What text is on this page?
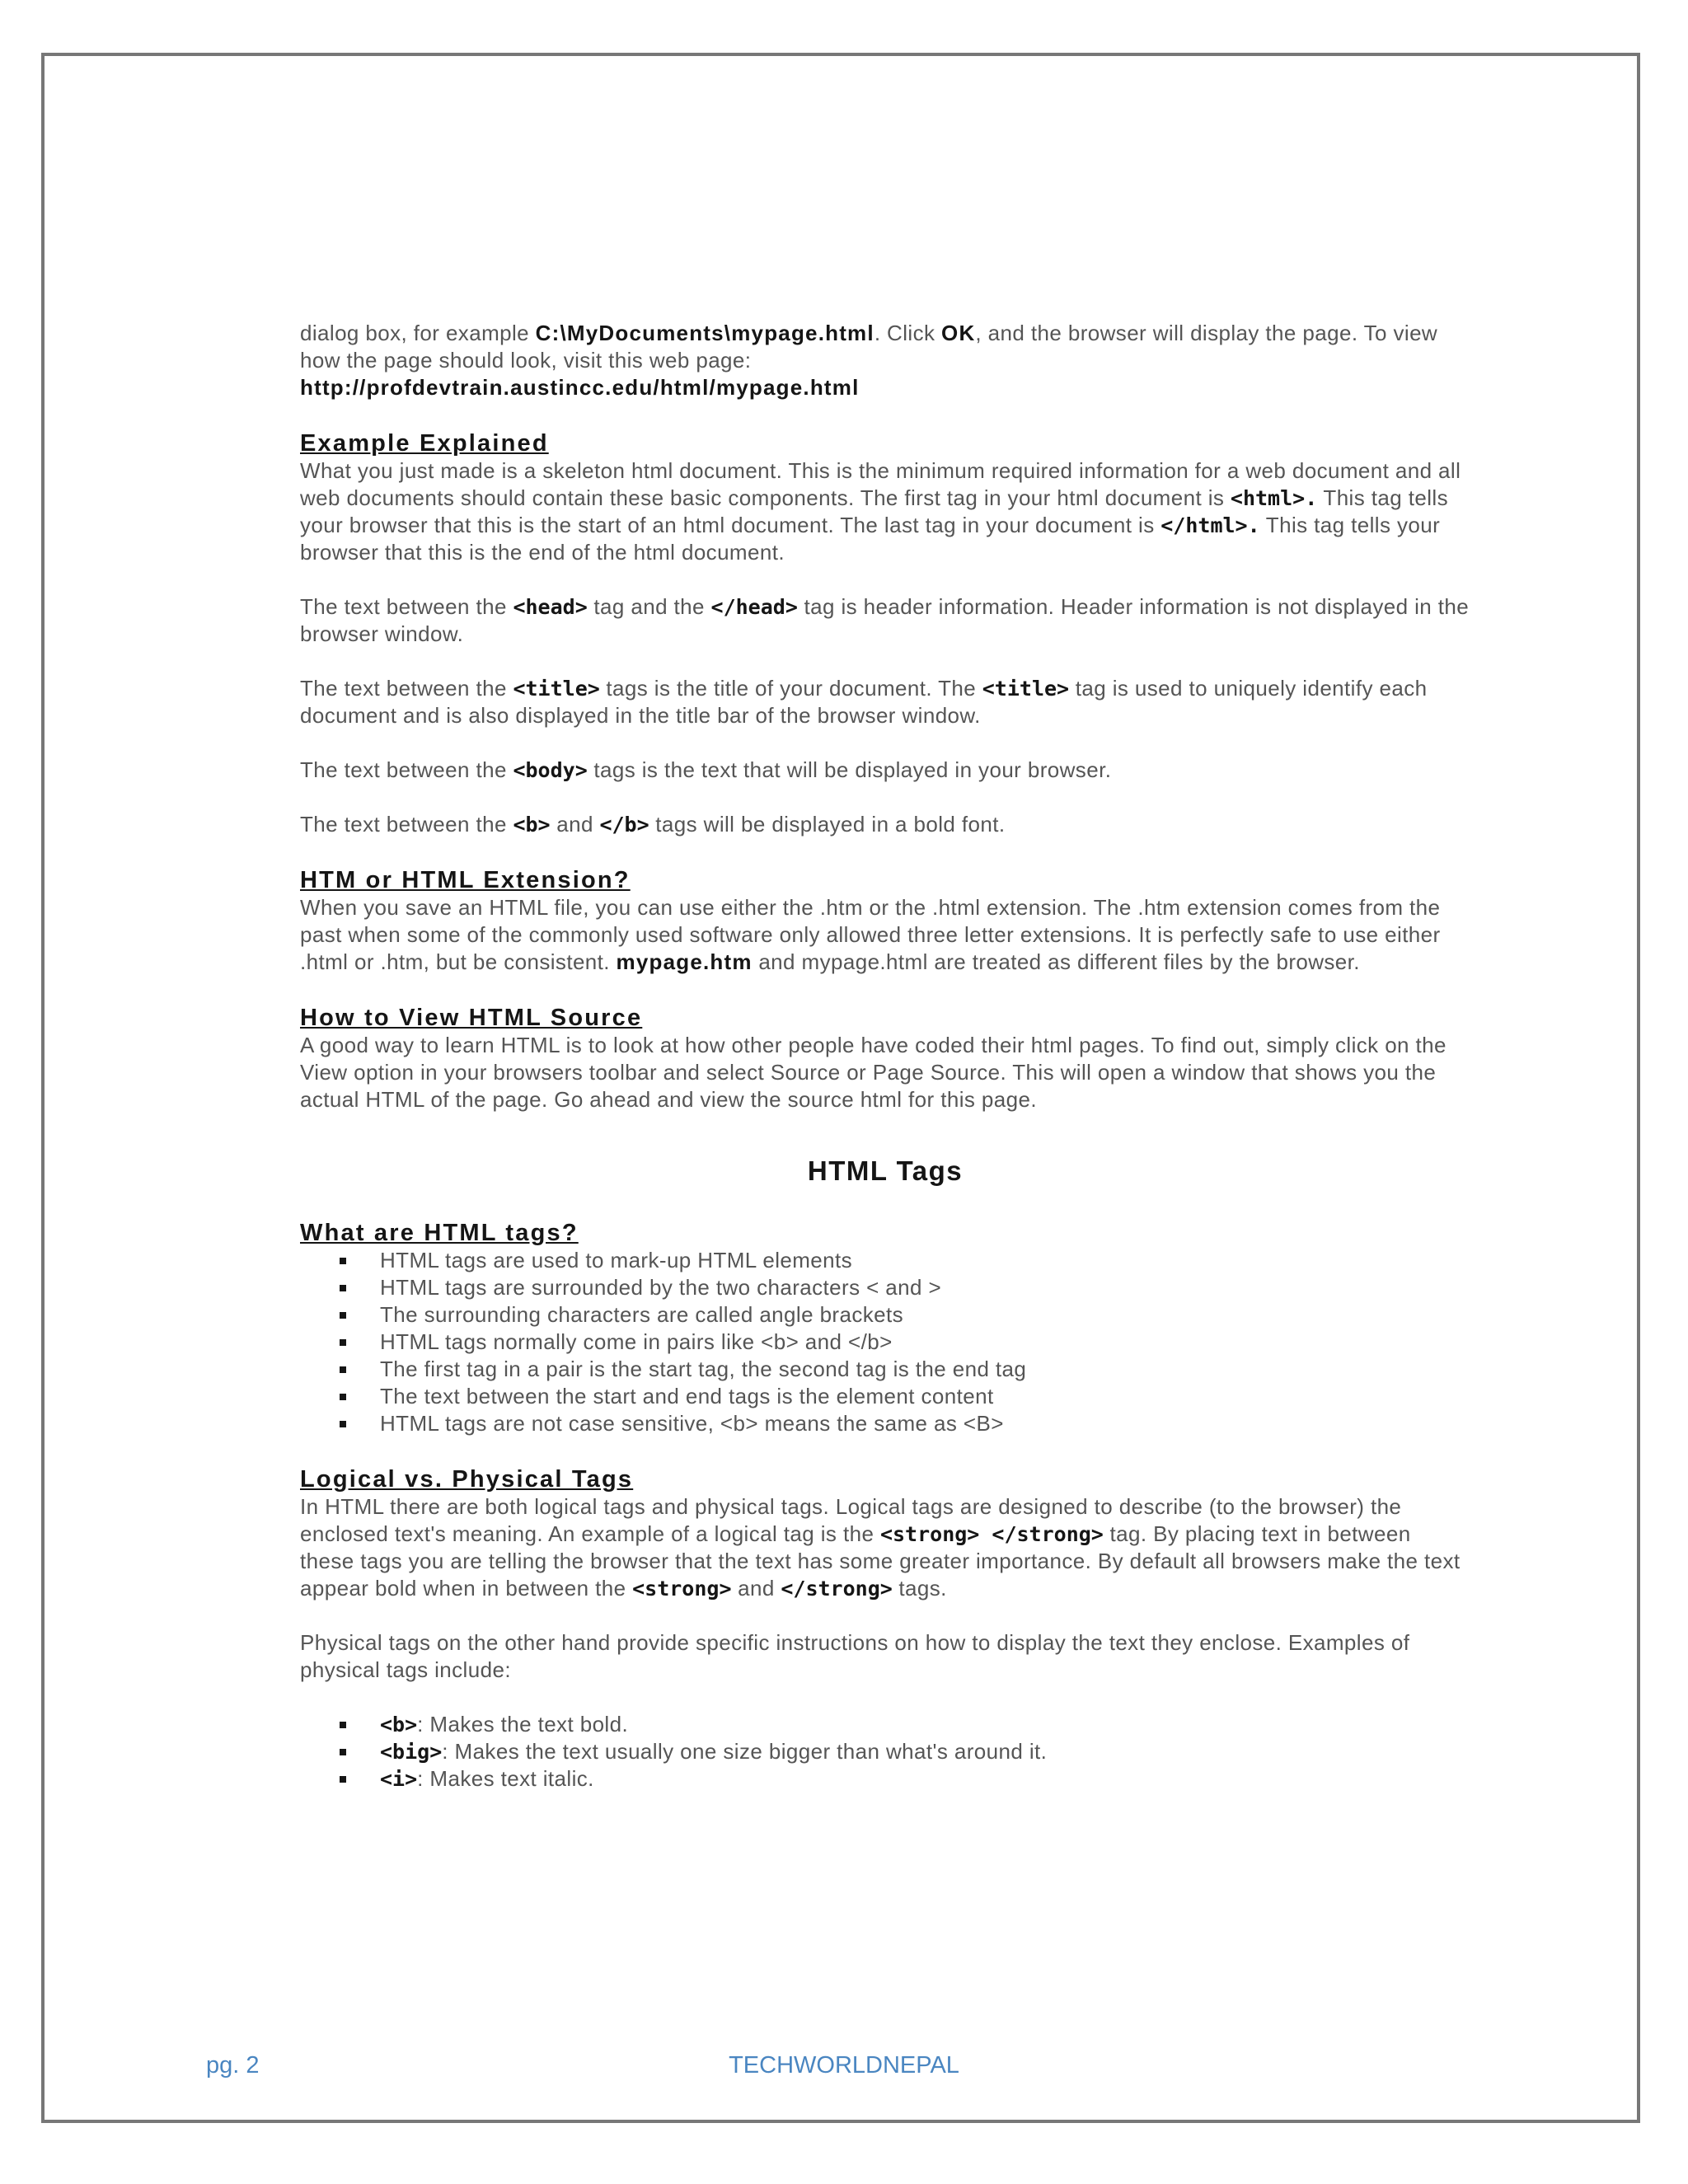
dialog box, for example C:\MyDocuments\mypage.html. Click OK, and the browser will display the page. To view how the page should look, visit this web page:
http://profdevtrain.austincc.edu/html/mypage.html

Example Explained

What you just made is a skeleton html document. This is the minimum required information for a web document and all web documents should contain these basic components. The first tag in your html document is <html>. This tag tells your browser that this is the start of an html document. The last tag in your document is </html>. This tag tells your browser that this is the end of the html document.

The text between the <head> tag and the </head> tag is header information. Header information is not displayed in the browser window.

The text between the <title> tags is the title of your document. The <title> tag is used to uniquely identify each document and is also displayed in the title bar of the browser window.

The text between the <body> tags is the text that will be displayed in your browser.

The text between the <b> and </b> tags will be displayed in a bold font.

HTM or HTML Extension?

When you save an HTML file, you can use either the .htm or the .html extension. The .htm extension comes from the past when some of the commonly used software only allowed three letter extensions. It is perfectly safe to use either .html or .htm, but be consistent. mypage.htm and mypage.html are treated as different files by the browser.

How to View HTML Source

A good way to learn HTML is to look at how other people have coded their html pages. To find out, simply click on the View option in your browsers toolbar and select Source or Page Source. This will open a window that shows you the actual HTML of the page. Go ahead and view the source html for this page.

HTML Tags
What are HTML tags?
HTML tags are used to mark-up HTML elements
HTML tags are surrounded by the two characters < and >
The surrounding characters are called angle brackets
HTML tags normally come in pairs like <b> and </b>
The first tag in a pair is the start tag, the second tag is the end tag
The text between the start and end tags is the element content
HTML tags are not case sensitive, <b> means the same as <B>
Logical vs. Physical Tags

In HTML there are both logical tags and physical tags. Logical tags are designed to describe (to the browser) the enclosed text's meaning. An example of a logical tag is the <strong> </strong> tag. By placing text in between these tags you are telling the browser that the text has some greater importance. By default all browsers make the text appear bold when in between the <strong> and </strong> tags.

Physical tags on the other hand provide specific instructions on how to display the text they enclose. Examples of physical tags include:

<b>: Makes the text bold.
<big>: Makes the text usually one size bigger than what's around it.
<i>: Makes text italic.

pg. 2	TECHWORLDNEPAL
